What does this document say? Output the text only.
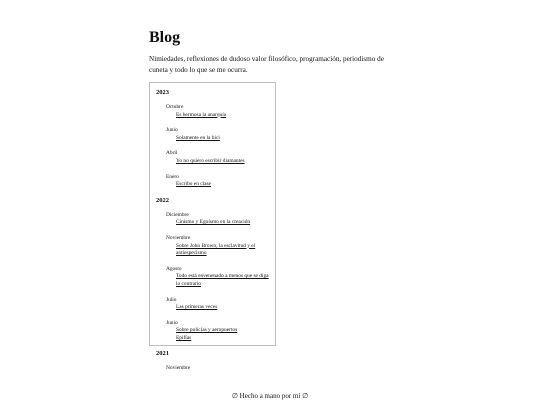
Blog
Nimiedades, reflexiones de dudoso valor filosófico, programación, periodismo de cuneta y todo lo que se me ocurra.
2023
Octubre
Es hermosa la anarquía
Junio
Solamente en la bici
Abril
Yo no quiero escribir diamantes
Enero
Escribo en clase
2022
Diciembre
Cinismo y Egoísmo en la creación
Noviembre
Sobre John Brown, la esclavitud y el antiespecismo
Agosto
Todo está envenenado a menos que se diga lo contrario
Julio
Las primeras veces
Junio
Sobre policías y aeropuertos
Epifías
2021
Noviembre
∅ Hecho a mano por mí ∅
